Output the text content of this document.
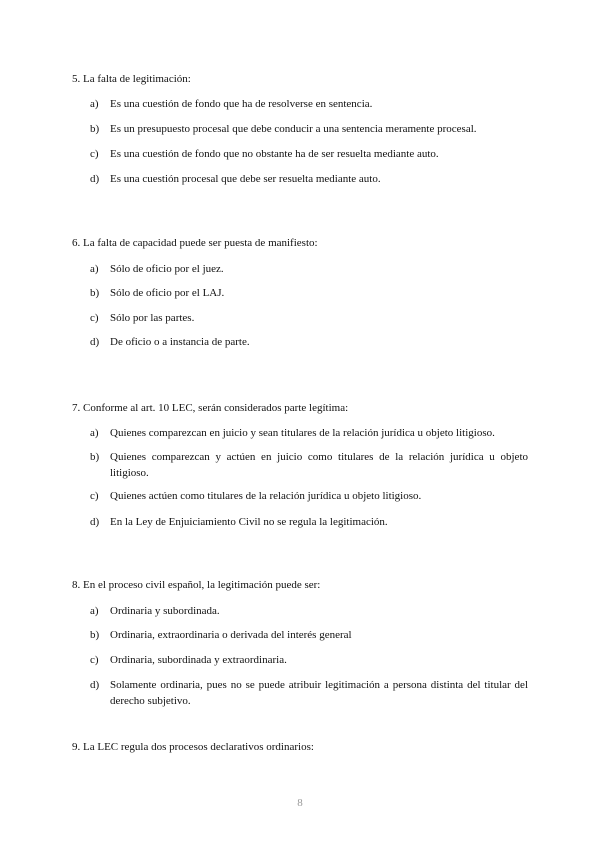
5. La falta de legitimación:
a)	Es una cuestión de fondo que ha de resolverse en sentencia.
b) Es un presupuesto procesal que debe conducir a una sentencia meramente procesal.
c)	Es una cuestión de fondo que no obstante ha de ser resuelta mediante auto.
d) Es una cuestión procesal que debe ser resuelta mediante auto.
6. La falta de capacidad puede ser puesta de manifiesto:
a)	Sólo de oficio por el juez.
b) Sólo de oficio por el LAJ.
c)	Sólo por las partes.
d) De oficio o a instancia de parte.
7. Conforme al art. 10 LEC, serán considerados parte legítima:
a)	Quienes comparezcan en juicio y sean titulares de la relación jurídica u objeto litigioso.
b) Quienes comparezcan y actúen en juicio como titulares de la relación jurídica u objeto litigioso.
c)	Quienes actúen como titulares de la relación jurídica u objeto litigioso.
d) En la Ley de Enjuiciamiento Civil no se regula la legitimación.
8. En el proceso civil español, la legitimación puede ser:
a)	Ordinaria y subordinada.
b) Ordinaria, extraordinaria o derivada del interés general
c)	Ordinaria, subordinada y extraordinaria.
d) Solamente ordinaria, pues no se puede atribuir legitimación a persona distinta del titular del derecho subjetivo.
9. La LEC regula dos procesos declarativos ordinarios:
8
